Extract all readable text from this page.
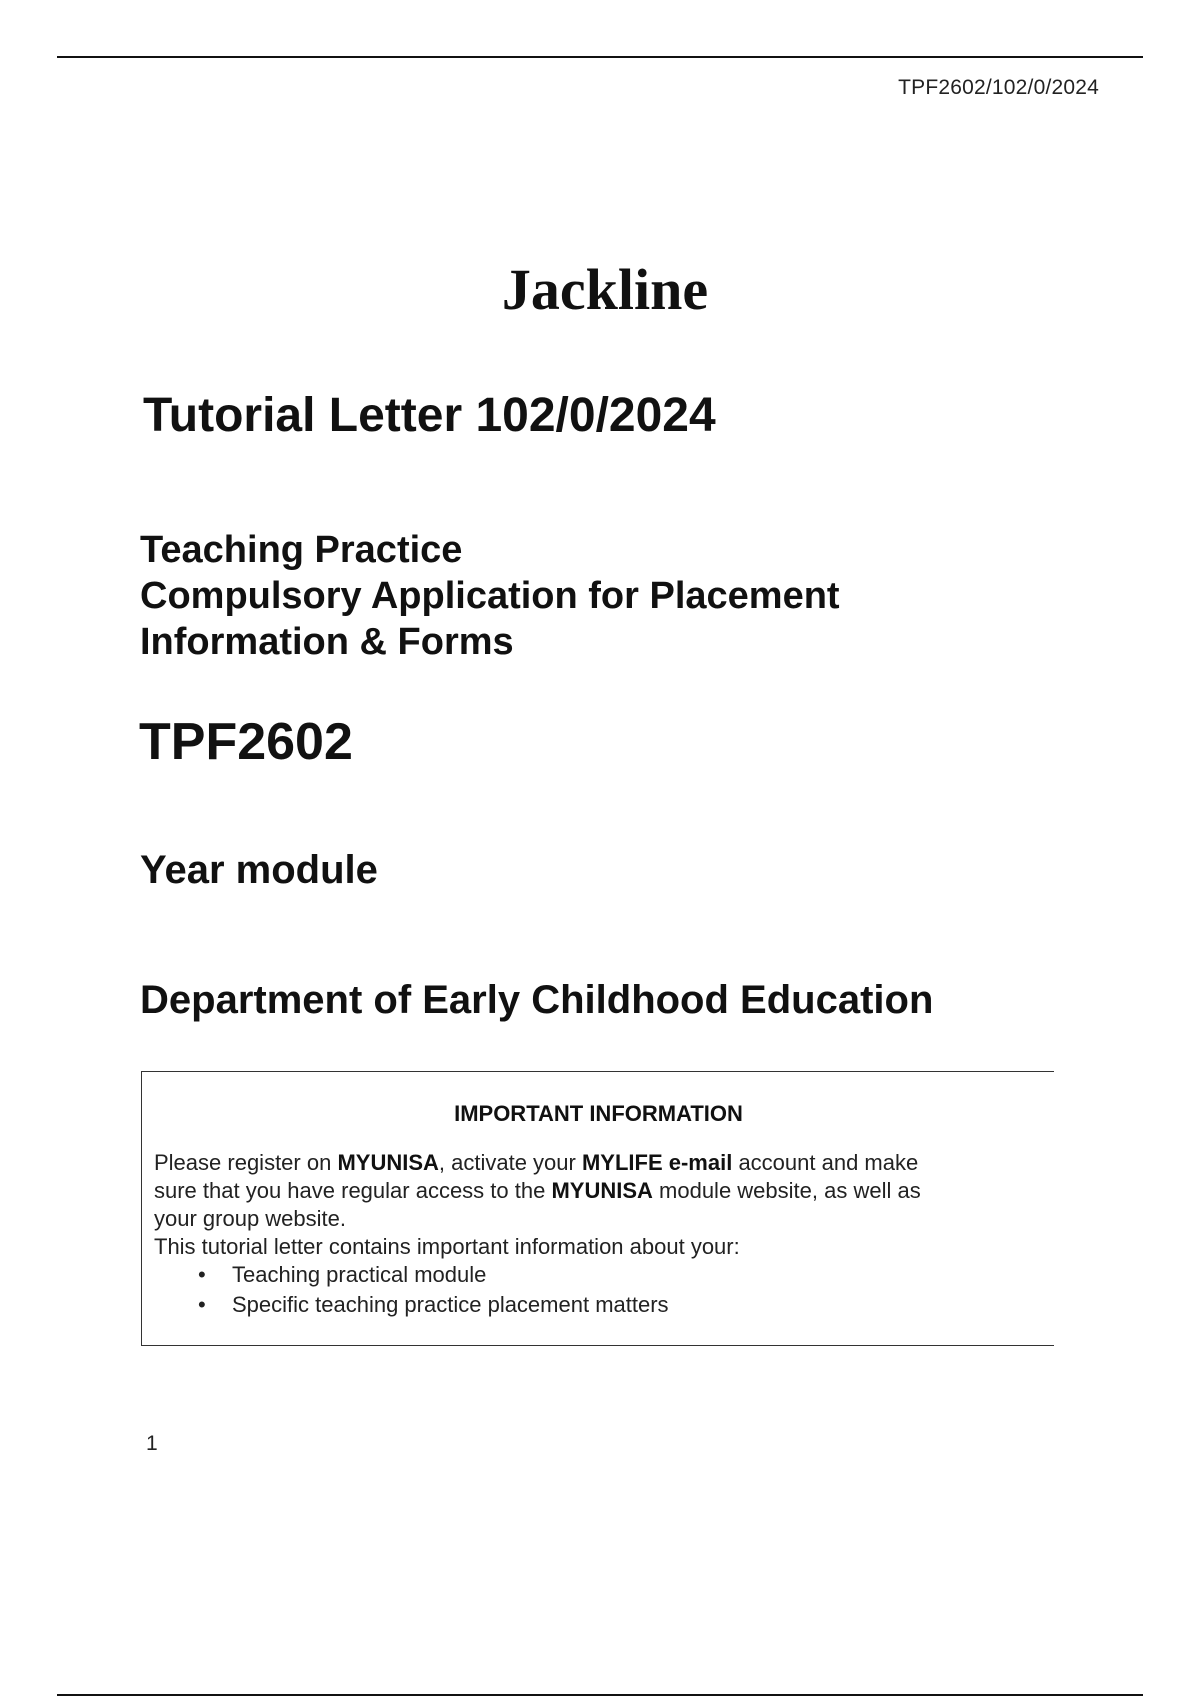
TPF2602/102/0/2024
Jackline
Tutorial Letter 102/0/2024
Teaching Practice
Compulsory Application for Placement
Information & Forms
TPF2602
Year module
Department of Early Childhood Education
IMPORTANT INFORMATION
Please register on MYUNISA, activate your MYLIFE e-mail account and make
sure that you have regular access to the MYUNISA module website, as well as
your group website.
This tutorial letter contains important information about your:
• Teaching practical module
• Specific teaching practice placement matters
1
